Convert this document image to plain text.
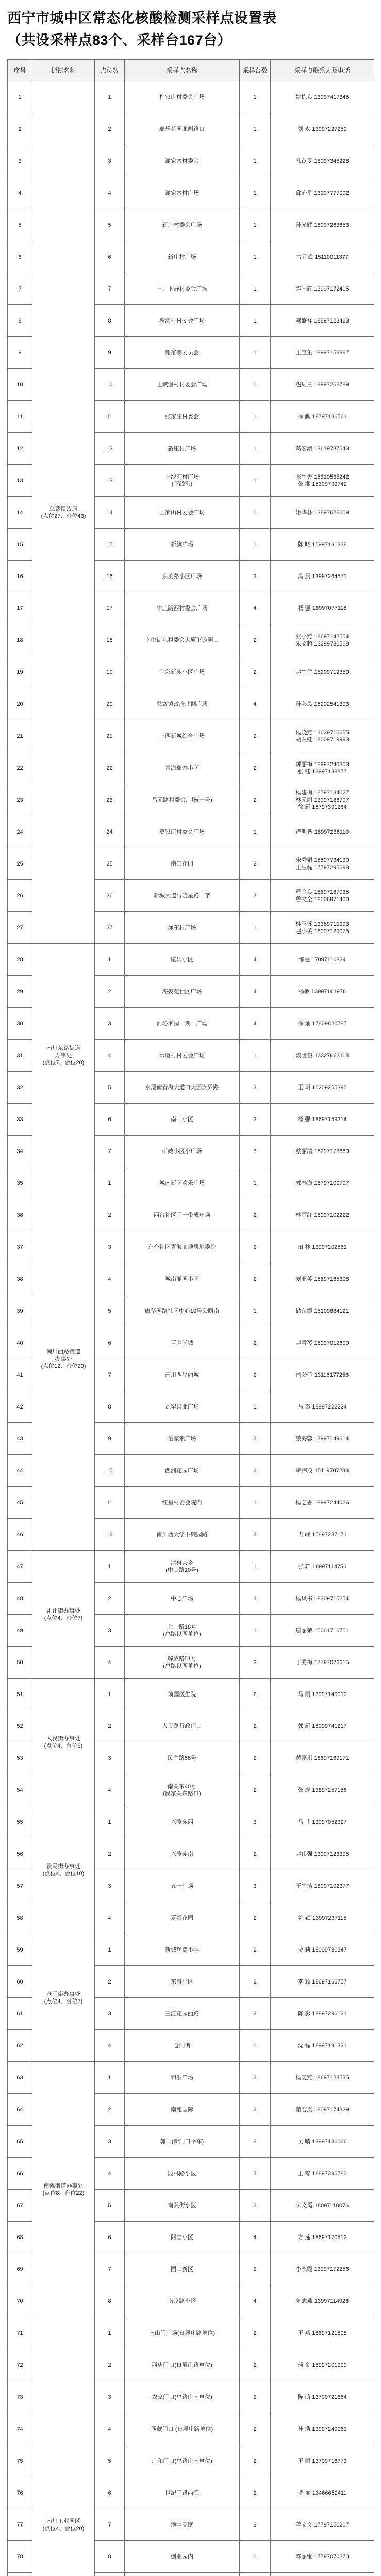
西宁市城中区常态化核酸检测采样点设置表
（共设采样点83个、采样台167台）
序号	街镇名称	点位数	采样点名称	采样台数	采样点联系人及电话
1	总寨镇政府
(点位27、台位43)	1	杜家庄村委会广场	1	姚栋良 13997417345
2		2	瑞乐花园北侧路口	1	刘 永 13997227250
3		3	谢家寨村委会	1	韩苡旻 18097345228
4		4	谢家寨村广场	1	邱冶星 13007777092
5		5	新庄村委会广场	1	孙光辉 18997263653
6		6	新庄村广场	1	古元武 15110011377
7		7	上、下野村委会广场	1	赵国辉 13997172405
8		8	塘沟村村委会广场	1	韩盛祥 18897123463
9		9	谢家寨委员会	1	王宝生 18997158887
10		10	王斌堡村村委会广场	1	赵周兰 18997268789
11		11	张家庄村委会	1	徐 勤 18797186561
12		12	新庄村广场	1	葛宏淑 13619787543
13		13	下线沟村广场
(下线沟)	1	张生先 15310535242
张 湘 15309799742
14		14	王家山村委会广场	1	姬华林 13897626009
15		15	新旗广场	1	陈 晓 15997131328
16		16	东英路小区广场	2	冯 晨 13997264571
17		17	中庄路西村委会广场	4	杨 强 18997077118
18		18	南中街东村委会大厦下游园口	2	张小燕 18697142554
朱文超 13299780568
19		19	金彩新苑小区广场	2	赵生兰 15209712359
20		20	总寨镇政府北侧广场	4	孙彩凤 15202541303
21		21	三西新城综合广场	2	杨晓燕 13639710655
胡兰虹 18009719993
22		22	青海瑞泰小区	2	郭丽梅 18997240303
张 钰 13997138877
23		23	昌元路村委会广场(一号)	2	杨建梅 18797134027
林元丽 13997186797
徐 雁 18797391264
24		24	莫家庄村委会广场	1	严昕智 18997236110
25		25	南田花园	2	宋秀娟 15597734130
王生磊 17797295698
26		26	新城大道与晓星路十字	2	严金良 18697167035
鲁文全 18006971400
27		27	深东村广场	1	桂玉莲 13389710993
赵小英 18997129075
28	南川东路街道
办事处
(点位7、台位20)	1	康乐小区	4	邹慧 17097110824
29		2	海晏苑社区广场	4	杨敏 13997161976
30		3	河沁家园一期一广场	4	徐 灿 17809820787
31		4	水厦村村委会广场	1	魏世俊 13327663118
32		5	水厦南青海大道口大西次界路	2	王 玥 15209255395
33		6	南山小区	2	杨 强 18697159214
34		7	矿藏小区小广场	3	蔡丽清 18297173669
35	南川西路街道
办事处
(点位12、台位20)	1	城南新区欢乐广场	1	郭春海 18797100707
36		2	西台社区门一带成年场	2	林雨红 18997102222
37		3	东台社区青海高地质地委院	2	田 林 13997202561
38		4	城南丽园小区	2	刘亚英 18697165398
39		5	康华园路社区中心10号公厕南	1	储东霞 15109684121
40		6	百胜尚城	2	赵雪琴 18997012699
41		7	南川西岸丽城	2	司公莹 13116177256
42		8	瓦窑窑北广场	1	马 霞 18997222224
43		9	泊家素广场	2	蔡海蓉 13997149614
44		10	西洲花园广场	2	韩伟茂 15119707288
45		11	红星村委会院内	1	杨芝香 18997244026
46		12	南川西大学下廉园路	2	冉 峰 15897237171
47	礼让街办事处
(点位4、台位7)	1	清泉茶乡
(中山路10号)	1	张 轩 18997114756
48		2	中心广场	3	杨凤书 18309715254
49		3	七一路18号
(总路以西单位)	1	唐丽荣 15001716751
50		4	解放路51号
(总路以西单位)	2	丁秀梅 17797076615
51	人民街办事处
(点位4、台位8)	1	前国医生院	2	马 丽 13997140010
52		2	人民路行政门口	2	郭 雁 18009741217
53		3	民主路58号	2	黄嘉琪 18697169171
54		4	南关东40号
(民家关东路口)	2	张 成 13897257156
55	饮马街办事处
(点位4、台位10)	1	兴隆苑西	3	马 菲 13997052327
56		2	兴隆苑南	2	赵伟强 13997123395
57		3	五一广场	3	王生洁 18997102377
58		4	夏都花园	2	姚 颖 13997237115
59	仓门街办事处
(点位4、台位7)	1	新城堡街小学	2	贾 莉 18009780347
60		2	东府小区	2	李 颖 18697166757
61		3	三江花园西路	2	陈 影 18897296121
62		4	仓门街	1	沈 磊 18997191321
63	南滩街道办事处
(点位8、台位22)	1	和洞广场	2	杨雯燕 18697123535
64		2	南苑国际	2	董若岚 18097174329
65		3	翰山(新门口平车)	3	吴 晴 13997136066
66		4	园林路小区	3	王 锦 18897396780
67		5	南关街小区	2	朱文霞 18097110076
68		6	阿立小区	4	方 莲 18697170512
69		7	园山新区	2	李永霞 13997172256
70		8	南京路小区	4	刘志燕 13997114926
71	南川工业园区
(点位4、台位20)	1	南山门广场(日展庄路单位)	2	王 燕 18697121898
72		2	西店门口(日展庄路单位)	2	蒲 金 18997201999
73		3	农家门口(总路庄内单位)	2	陈 萌 13709721864
74		4	西藏门口 (日展庄路单位)	2	孙 浩 13997249061
75		5	广和门口(总路庄内单位)	2	王 丽 13709716773
76		6	世纪工路西院	2	罗 丽 13466652411
77		7	地学高度	2	蒋文义 17797150207
78		8	创业园内	1	邓丽维 17797070270
